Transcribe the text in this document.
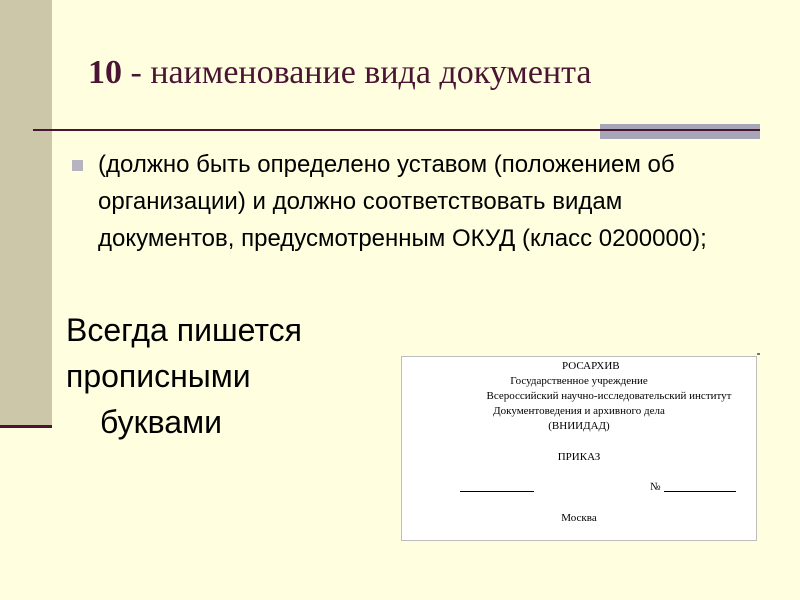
10 - наименование вида документа
(должно быть определено уставом (положением об организации) и должно соответствовать видам документов, предусмотренным ОКУД (класс 0200000);
Всегда пишется прописными
буквами
РОСАРХИВ
Государственное учреждение
Всероссийский научно-исследовательский институт
Документоведения и архивного дела
(ВНИИДАД)
ПРИКАЗ
№
Москва
